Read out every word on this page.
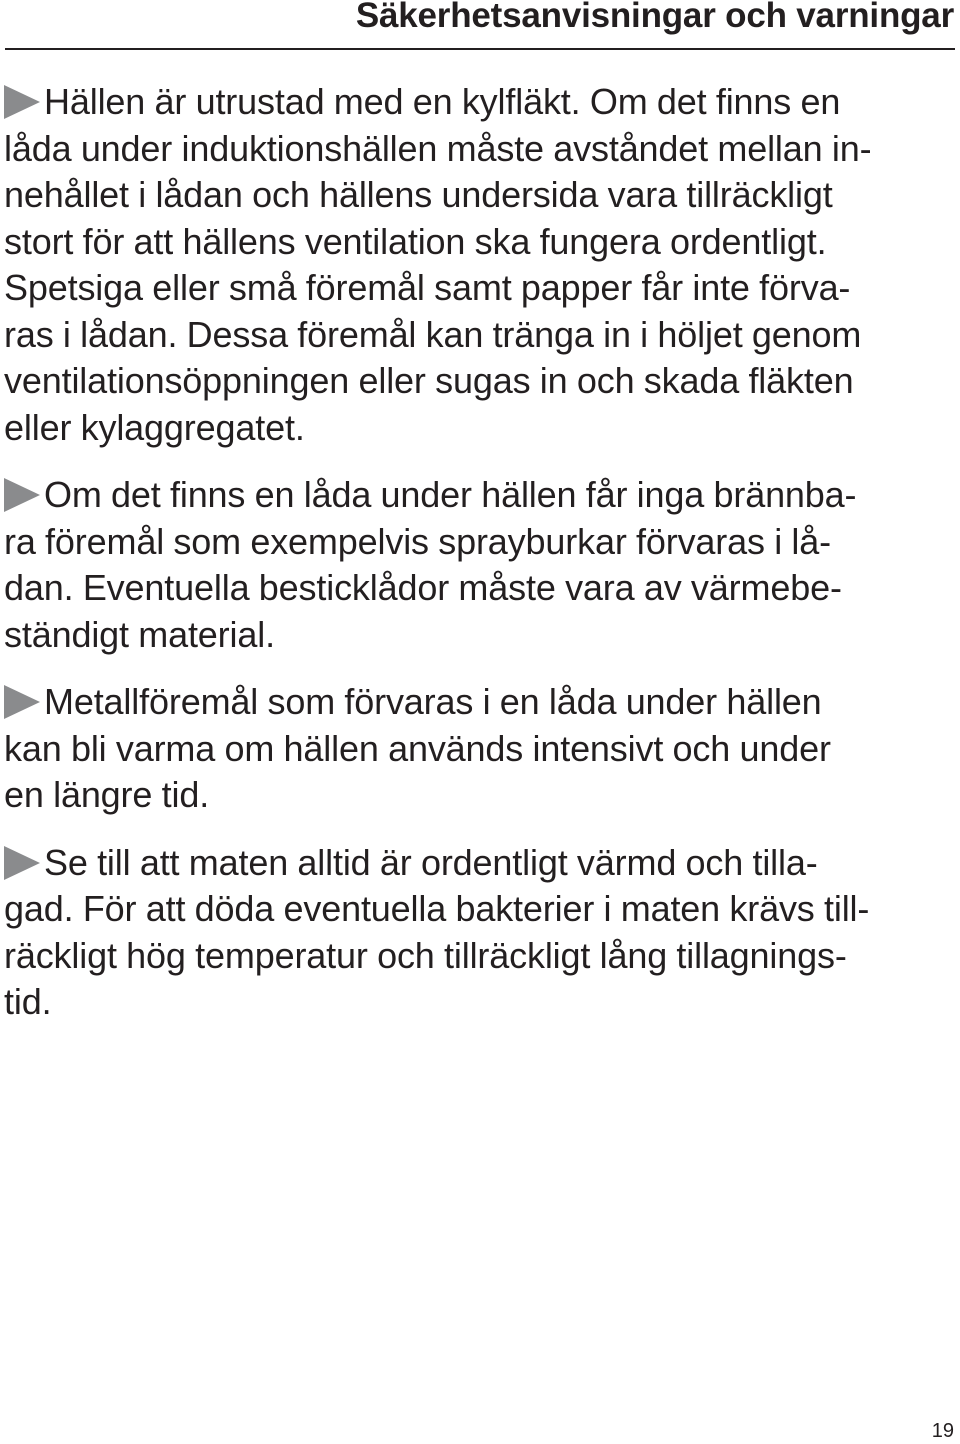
Säkerhetsanvisningar och varningar
Hällen är utrustad med en kylfläkt. Om det finns en
låda under induktionshällen måste avståndet mellan in-
nehållet i lådan och hällens undersida vara tillräckligt
stort för att hällens ventilation ska fungera ordentligt.
Spetsiga eller små föremål samt papper får inte förva-
ras i lådan. Dessa föremål kan tränga in i höljet genom
ventilationsöppningen eller sugas in och skada fläkten
eller kylaggregatet.
Om det finns en låda under hällen får inga brännba-
ra föremål som exempelvis sprayburkar förvaras i lå-
dan. Eventuella besticklådor måste vara av värmebe-
ständigt material.
Metallföremål som förvaras i en låda under hällen
kan bli varma om hällen används intensivt och under
en längre tid.
Se till att maten alltid är ordentligt värmd och tilla-
gad. För att döda eventuella bakterier i maten krävs till-
räckligt hög temperatur och tillräckligt lång tillagnings-
tid.
19
